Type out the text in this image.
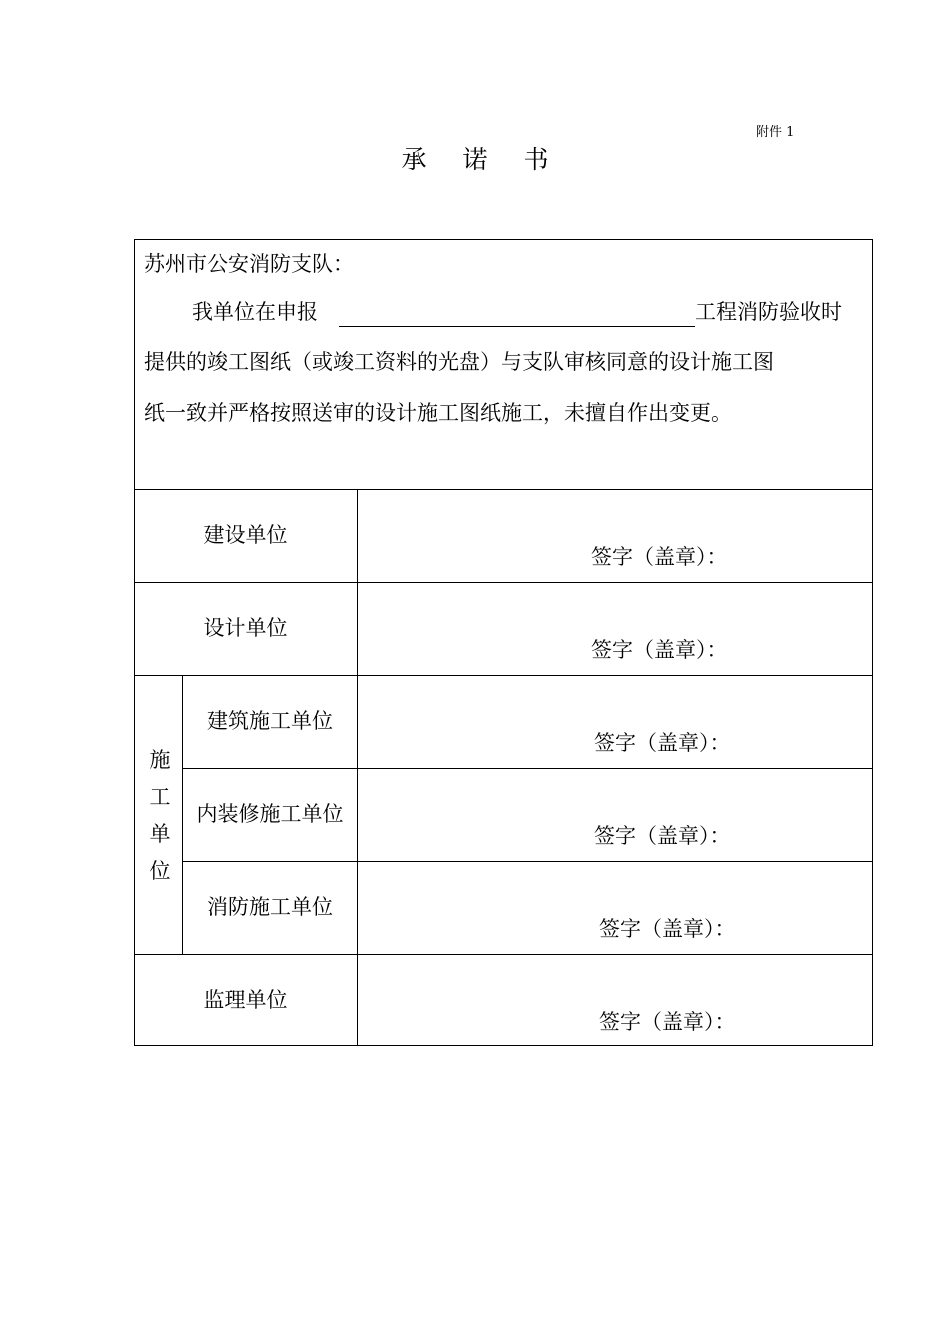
附件 1
承 诺 书
苏州市公安消防支队：
我单位在申报	工程消防验收时
提供的竣工图纸（或竣工资料的光盘）与支队审核同意的设计施工图
纸一致并严格按照送审的设计施工图纸施工，未擅自作出变更。
建设单位
设计单位
建筑施工单位
内装修施工单位
消防施工单位
监理单位
施
工
单
位
签字（盖章）：
签字（盖章）：
签字（盖章）：
签字（盖章）：
签字（盖章）：
签字（盖章）：
